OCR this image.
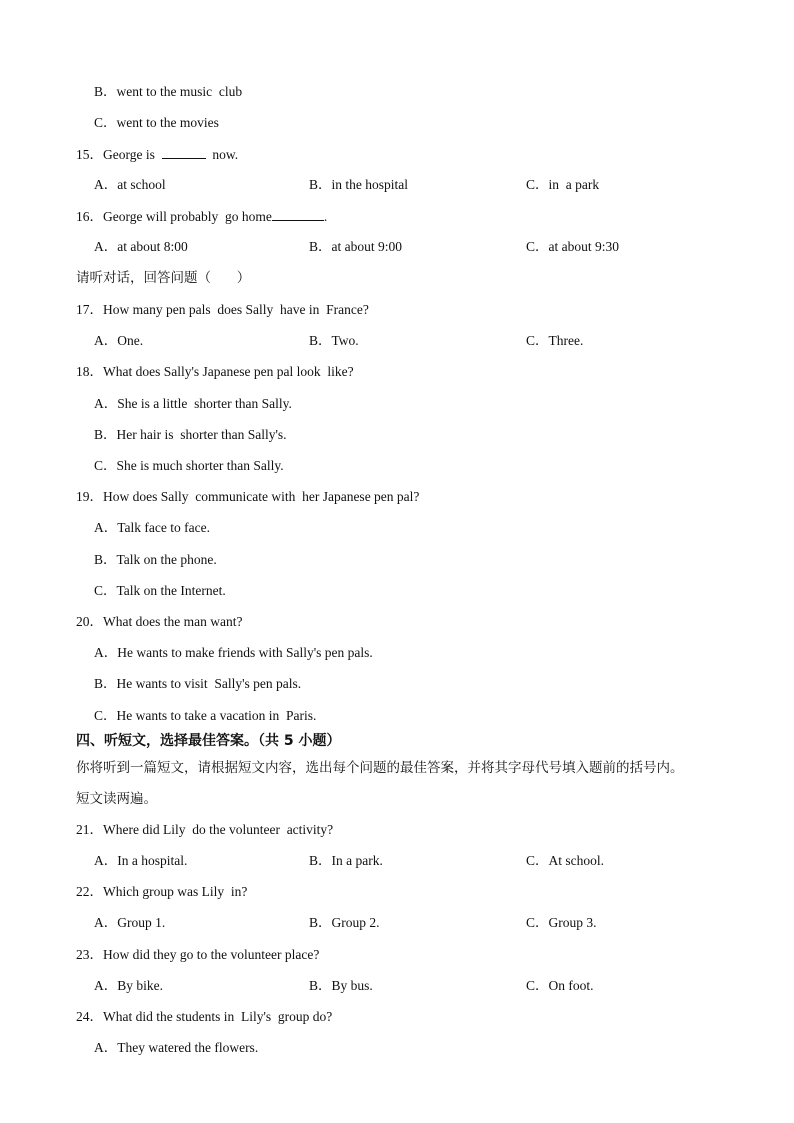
B．went to the music  club
C．went to the movies
15．George is	now.

A．at school

	B．in the hospital

	C．in  a park

16．George will probably  go home	.

A．at about 8:00

	B．at about 9:00

	C．at about 9:30

请听对话，回答问题（      ）
17．How many pen pals  does Sally  have in  France?

A．One.

	B．Two.

	C．Three.

18．What does Sally's Japanese pen pal look  like?
A．She is a little  shorter than Sally.
B．Her hair is  shorter than Sally's.
C．She is much shorter than Sally.
19．How does Sally  communicate with  her Japanese pen pal?
A．Talk face to face.
B．Talk on the phone.
C．Talk on the Internet.
20．What does the man want?
A．He wants to make friends with Sally's pen pals.
B．He wants to visit  Sally's pen pals.
C．He wants to take a vacation in  Paris.
四、听短文，选择最佳答案。（共 5 小题）
你将听到一篇短文，请根据短文内容，选出每个问题的最佳答案，并将其字母代号填入题前的括号内。
短文读两遍。
21．Where did Lily  do the volunteer  activity?

A．In a hospital.

	B．In a park.

	C．At school.

22．Which group was Lily  in?

A．Group 1.

	B．Group 2.

	C．Group 3.

23．How did they go to the volunteer place?

A．By bike.

	B．By bus.

	C．On foot.

24．What did the students in  Lily's  group do?
A．They watered the flowers.
